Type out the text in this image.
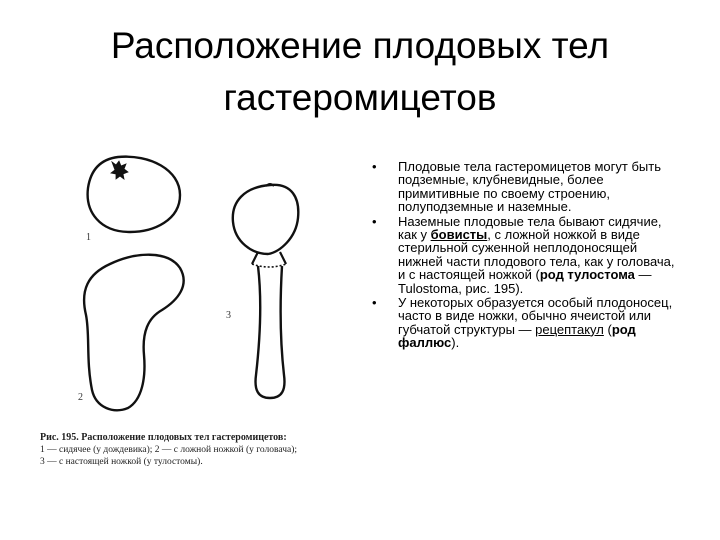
Расположение плодовых тел
гастеромицетов
1
2
3
Рис. 195. Расположение плодовых тел гастеромицетов:
1 — сидячее (у дождевика); 2 — с ложной ножкой (у головача);
3 — с настоящей ножкой (у тулостомы).
•	Плодовые тела гастеромицетов могут быть подземные, клубневидные, более примитивные по своему строению, полуподземные и наземные.
•	Наземные плодовые тела бывают сидячие, как у бовисты, с ложной ножкой в виде стерильной суженной неплодоносящей нижней части плодового тела, как у головача, и с настоящей ножкой (род тулостома — Tulostoma, рис. 195).
•	У некоторых образуется особый плодоносец, часто в виде ножки, обычно ячеистой или губчатой структуры — рецептакул (род фаллюс).
